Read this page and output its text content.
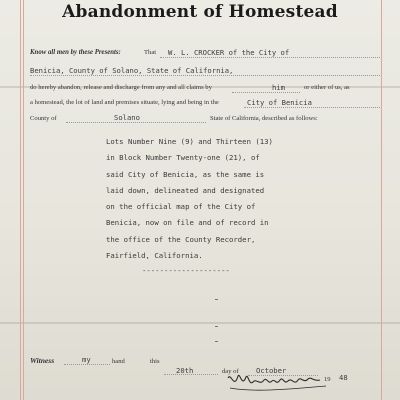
Abandonment of Homestead
Know all men by these Presents:	That W. L. CROCKER of the City of
Benicia, County of Solano, State of California,
do hereby abandon, release and discharge from any and all claims by	him	or either of us, as
a homestead, the lot of land and premises situate, lying and being in the	City of Benicia
County of	Solano	State of California, described as follows:
Lots Number Nine (9) and Thirteen (13)
in Block Number Twenty-one (21), of
said City of Benicia, as the same is
laid down, delineated and designated
on the official map of the City of
Benicia, now on file and of record in
the office of the County Recorder,
Fairfield, California.
--------------------
Witness	my	hand	this
20th	day of October
19 48
